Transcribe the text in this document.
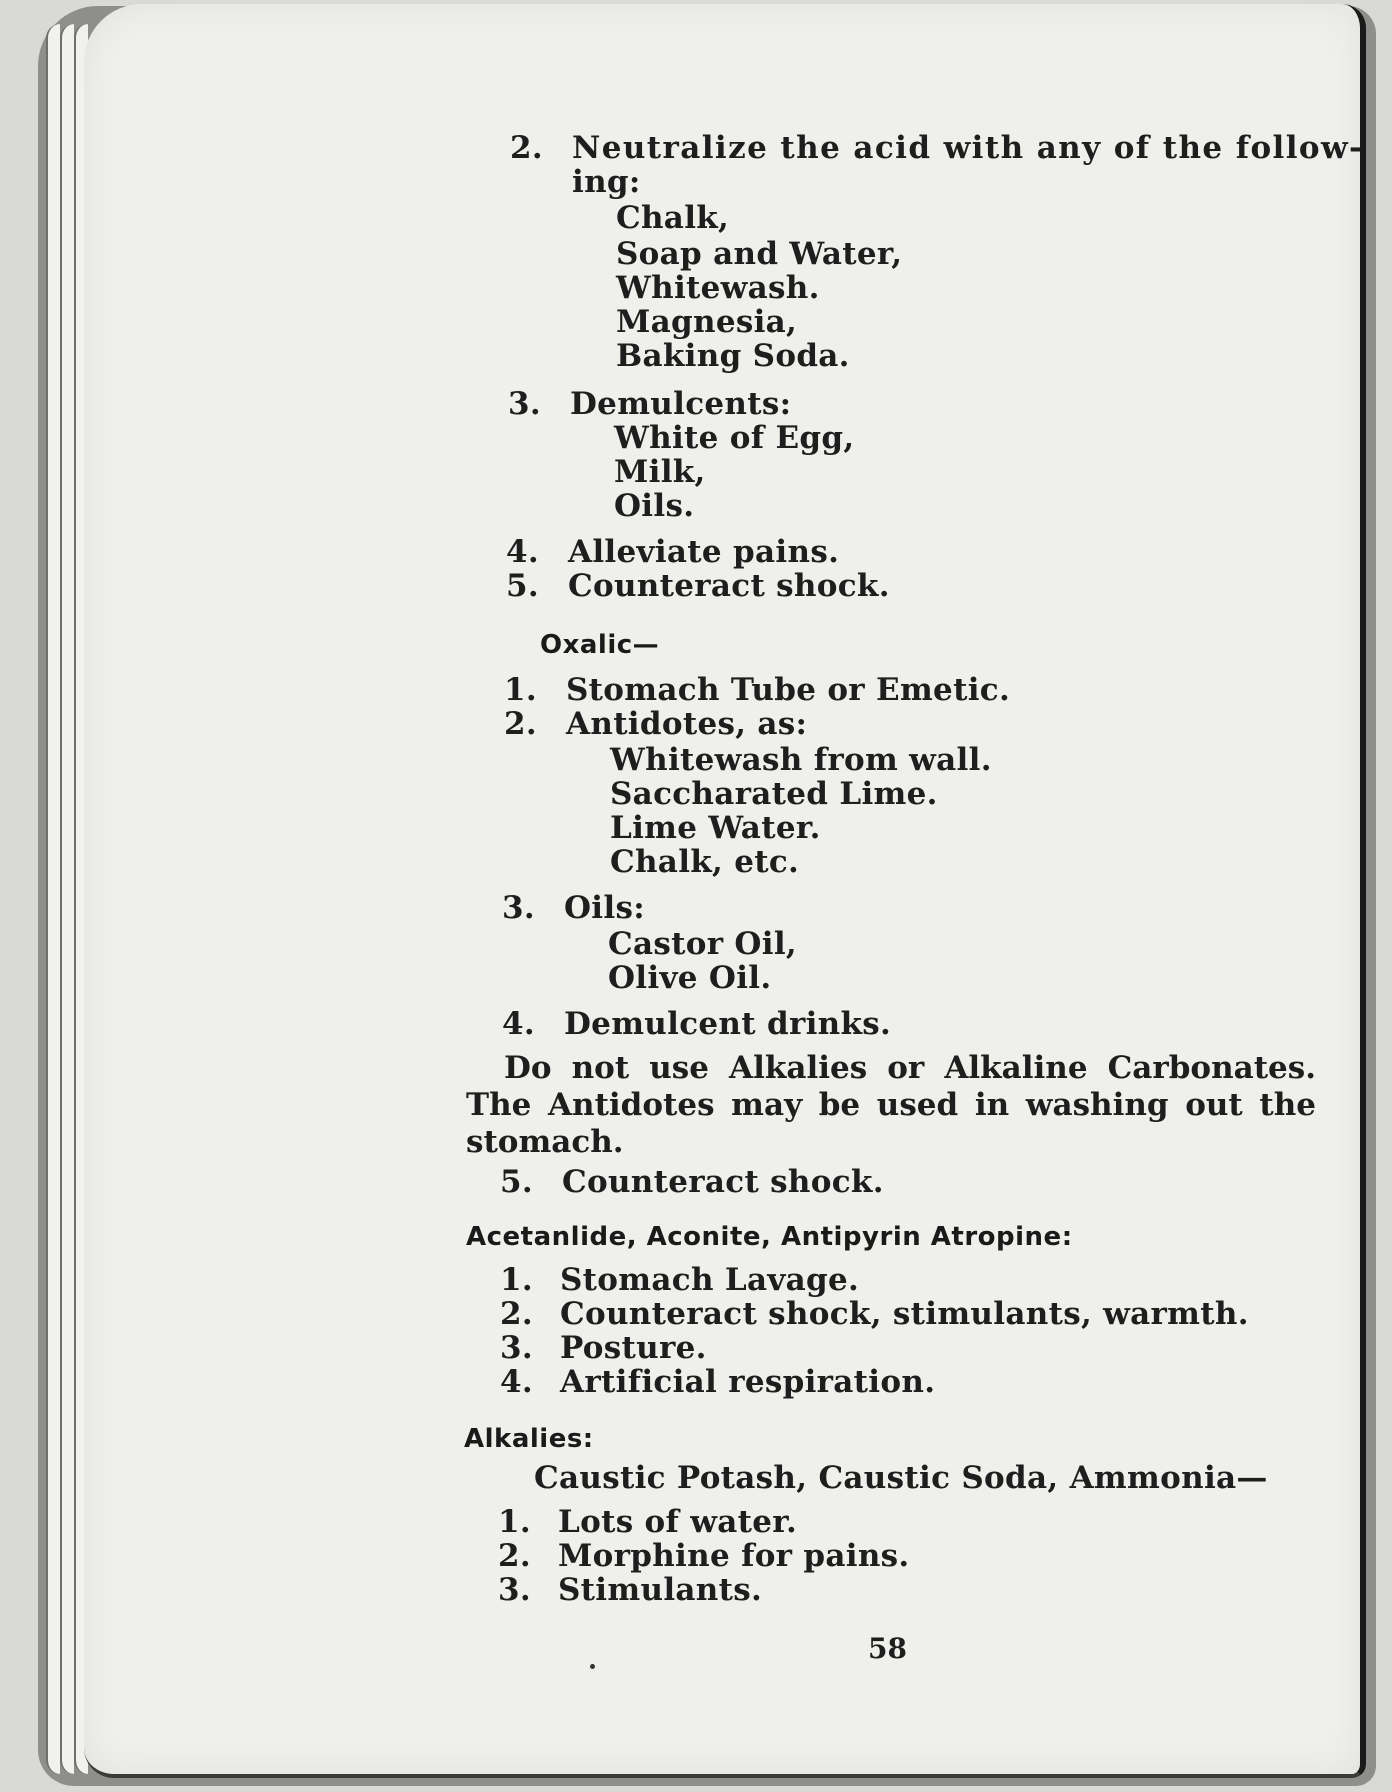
2. Neutralize the acid with any of the follow-
ing:
Chalk,
Soap and Water,
Whitewash.
Magnesia,
Baking Soda.
3. Demulcents:
White of Egg,
Milk,
Oils.
4. Alleviate pains.
5. Counteract shock.
Oxalic—
1. Stomach Tube or Emetic.
2. Antidotes, as:
Whitewash from wall.
Saccharated Lime.
Lime Water.
Chalk, etc.
3. Oils:
Castor Oil,
Olive Oil.
4. Demulcent drinks.
Do not use Alkalies or Alkaline Carbonates. The Antidotes may be used in washing out the stomach.
5. Counteract shock.
Acetanlide, Aconite, Antipyrin Atropine:
1. Stomach Lavage.
2. Counteract shock, stimulants, warmth.
3. Posture.
4. Artificial respiration.
Alkalies:
Caustic Potash, Caustic Soda, Ammonia—
1. Lots of water.
2. Morphine for pains.
3. Stimulants.
58
